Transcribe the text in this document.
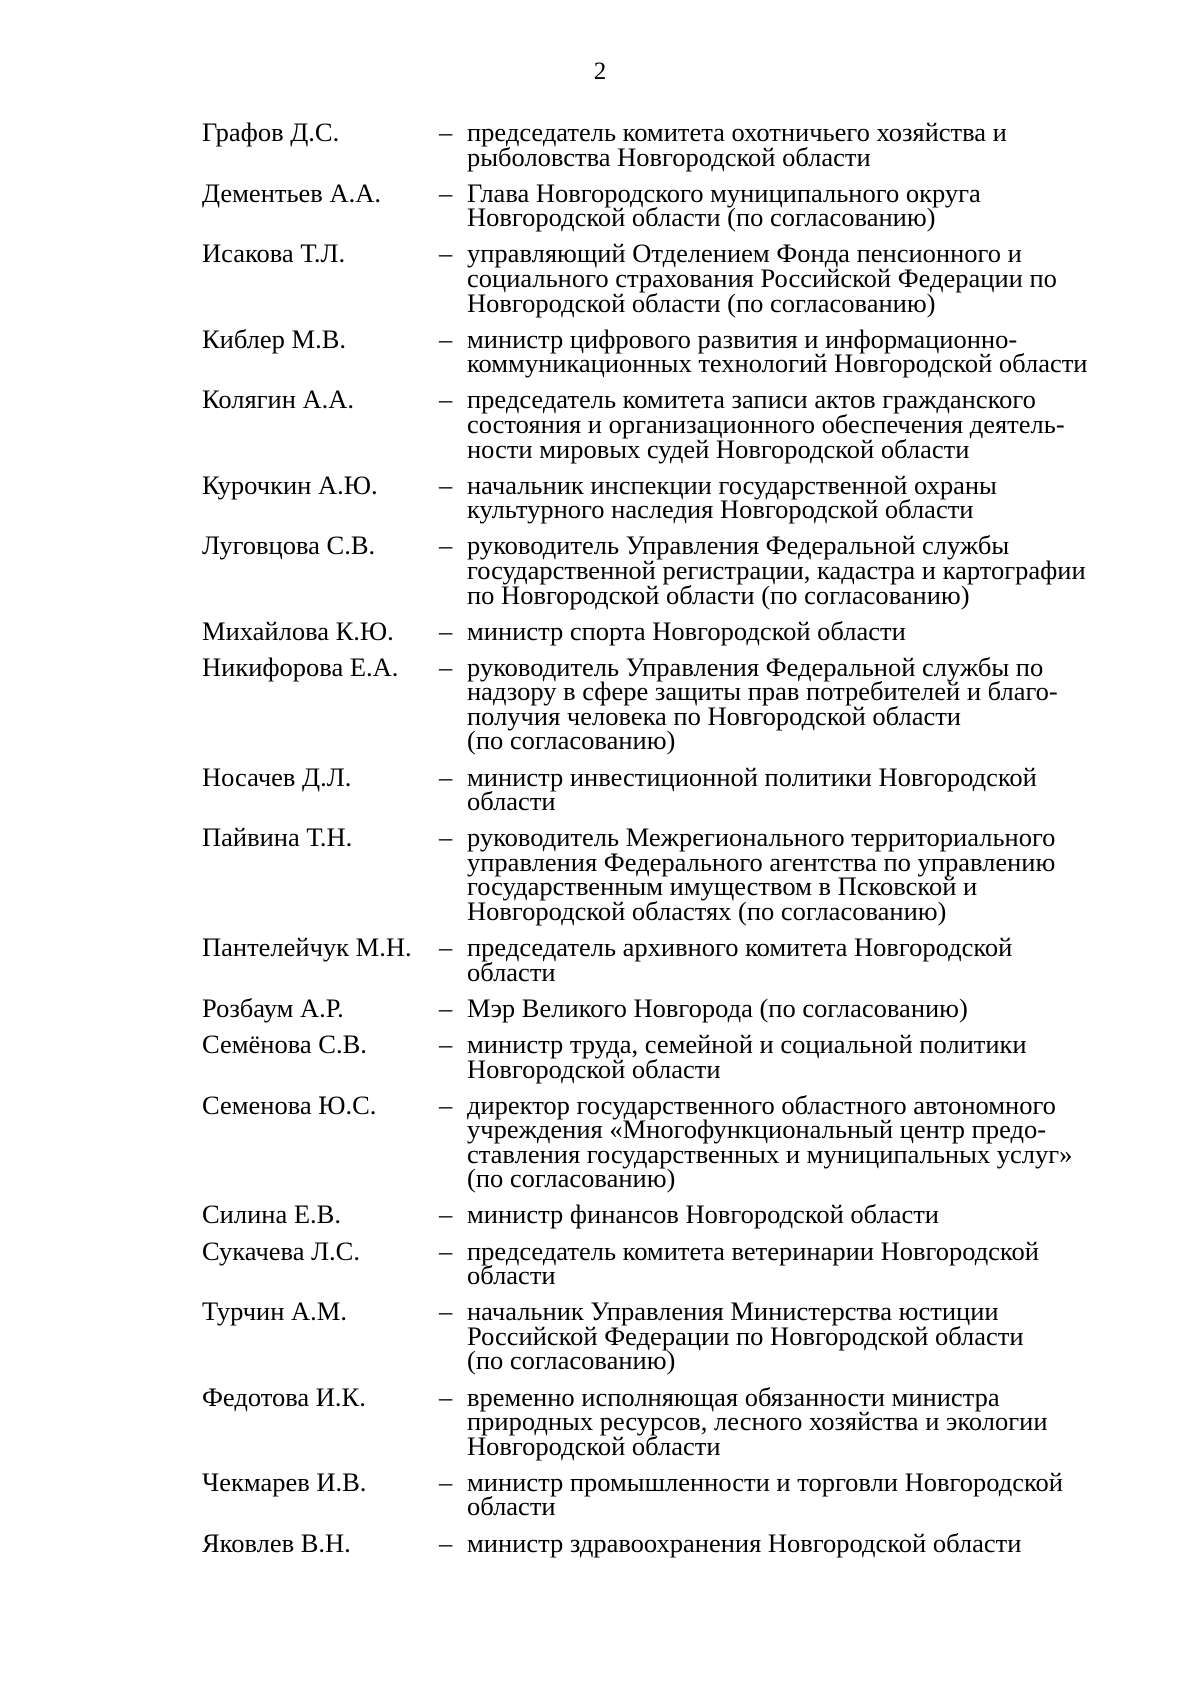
2
Графов Д.С.	– председатель комитета охотничьего хозяйства и
рыболовства Новгородской области
Дементьев А.А.	– Глава Новгородского муниципального округа
Новгородской области (по согласованию)
Исакова Т.Л.	– управляющий Отделением Фонда пенсионного и
социального страхования Российской Федерации по
Новгородской области (по согласованию)
Киблер М.В.	– министр цифрового развития и информационно-
коммуникационных технологий Новгородской области
Колягин А.А.	– председатель комитета записи актов гражданского
состояния и организационного обеспечения деятель-
ности мировых судей Новгородской области
Курочкин А.Ю.	– начальник инспекции государственной охраны
культурного наследия Новгородской области
Луговцова С.В.	– руководитель Управления Федеральной службы
государственной регистрации, кадастра и картографии
по Новгородской области (по согласованию)
Михайлова К.Ю.	– министр спорта Новгородской области
Никифорова Е.А.	– руководитель Управления Федеральной службы по
надзору в сфере защиты прав потребителей и благо-
получия человека по Новгородской области
(по согласованию)
Носачев Д.Л.	– министр инвестиционной политики Новгородской
области
Пайвина Т.Н.	– руководитель Межрегионального территориального
управления Федерального агентства по управлению
государственным имуществом в Псковской и
Новгородской областях (по согласованию)
Пантелейчук М.Н.	– председатель архивного комитета Новгородской
области
Розбаум А.Р.	– Мэр Великого Новгорода (по согласованию)
Семёнова С.В.	– министр труда, семейной и социальной политики
Новгородской области
Семенова Ю.С.	– директор государственного областного автономного
учреждения «Многофункциональный центр предо-
ставления государственных и муниципальных услуг»
(по согласованию)
Силина Е.В.	– министр финансов Новгородской области
Сукачева Л.С.	– председатель комитета ветеринарии Новгородской
области
Турчин А.М.	– начальник Управления Министерства юстиции
Российской Федерации по Новгородской области
(по согласованию)
Федотова И.К.	– временно исполняющая обязанности министра
природных ресурсов, лесного хозяйства и экологии
Новгородской области
Чекмарев И.В.	– министр промышленности и торговли Новгородской
области
Яковлев В.Н.	– министр здравоохранения Новгородской области
